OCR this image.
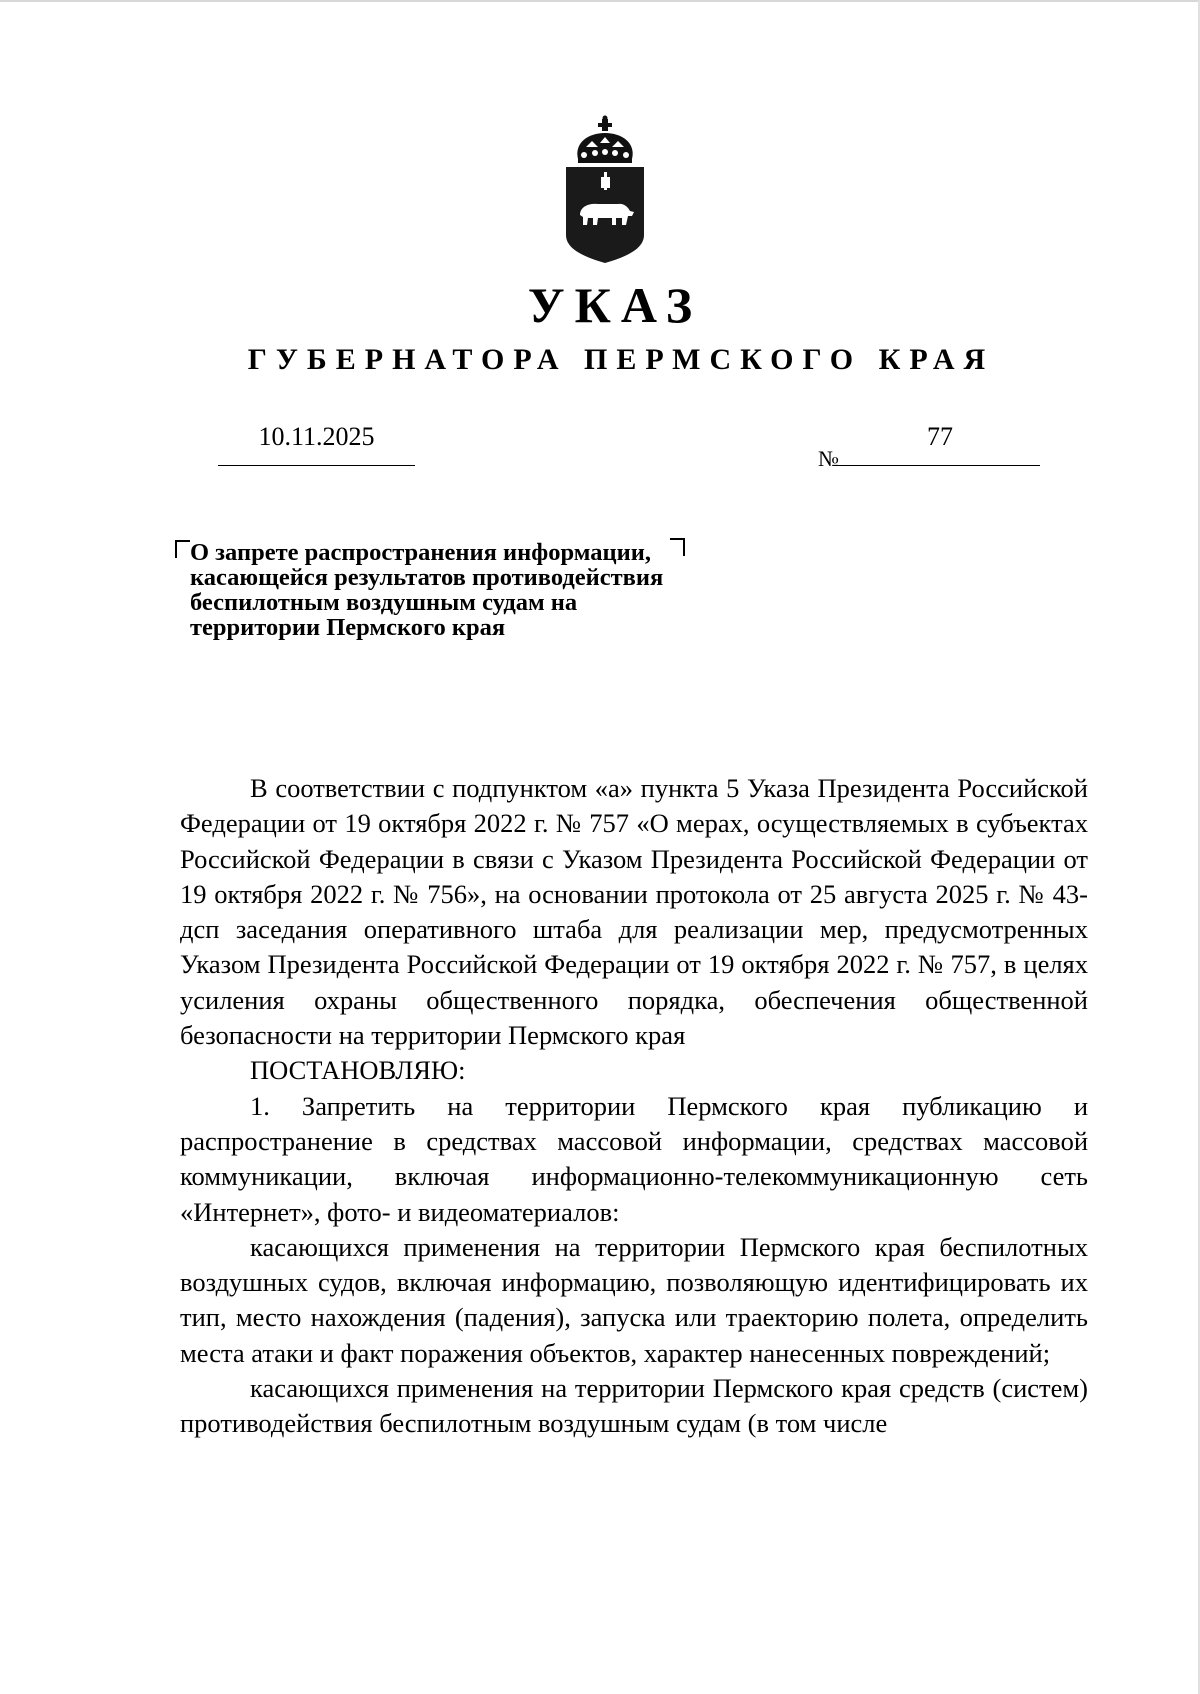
УКАЗ
ГУБЕРНАТОРА ПЕРМСКОГО КРАЯ
10.11.2025
№
77

О запрете распространения информации, касающейся результатов противодействия беспилотным воздушным судам на территории Пермского края

В соответствии с подпунктом «а» пункта 5 Указа Президента Российской Федерации от 19 октября 2022 г. № 757 «О мерах, осуществляемых в субъектах Российской Федерации в связи с Указом Президента Российской Федерации от 19 октября 2022 г. № 756», на основании протокола от 25 августа 2025 г. № 43-дсп заседания оперативного штаба для реализации мер, предусмотренных Указом Президента Российской Федерации от 19 октября 2022 г. № 757, в целях усиления охраны общественного порядка, обеспечения общественной безопасности на территории Пермского края

ПОСТАНОВЛЯЮ:

1. Запретить на территории Пермского края публикацию и распространение в средствах массовой информации, средствах массовой коммуникации, включая информационно-телекоммуникационную сеть «Интернет», фото- и видеоматериалов:

касающихся применения на территории Пермского края беспилотных воздушных судов, включая информацию, позволяющую идентифицировать их тип, место нахождения (падения), запуска или траекторию полета, определить места атаки и факт поражения объектов, характер нанесенных повреждений;

касающихся применения на территории Пермского края средств (систем) противодействия беспилотным воздушным судам (в том числе
